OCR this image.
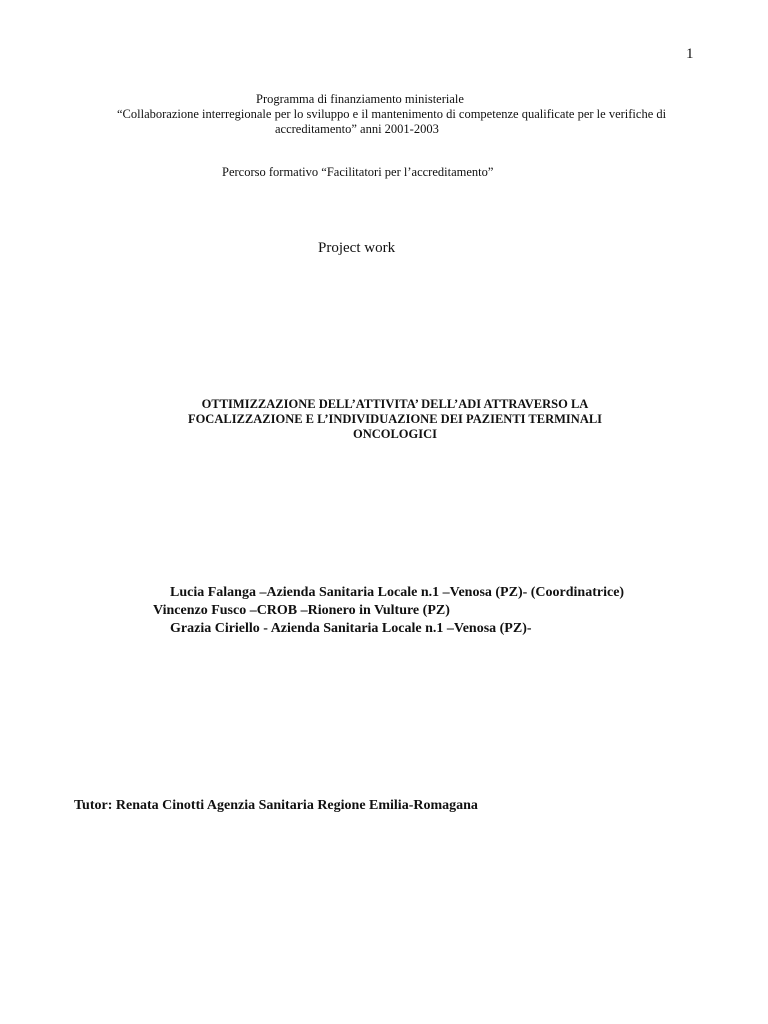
1
Programma di finanziamento ministeriale
“Collaborazione interregionale per lo sviluppo e il mantenimento di competenze qualificate per le verifiche di
accreditamento” anni 2001-2003
Percorso formativo “Facilitatori per l’accreditamento”
Project work
OTTIMIZZAZIONE DELL’ATTIVITA’ DELL’ADI ATTRAVERSO LA
FOCALIZZAZIONE E L’INDIVIDUAZIONE DEI PAZIENTI TERMINALI
ONCOLOGICI
Lucia Falanga –Azienda Sanitaria Locale n.1 –Venosa (PZ)- (Coordinatrice)
Vincenzo Fusco –CROB –Rionero in Vulture (PZ)
Grazia Ciriello - Azienda Sanitaria Locale n.1 –Venosa (PZ)-
Tutor: Renata Cinotti Agenzia Sanitaria Regione Emilia-Romagana
